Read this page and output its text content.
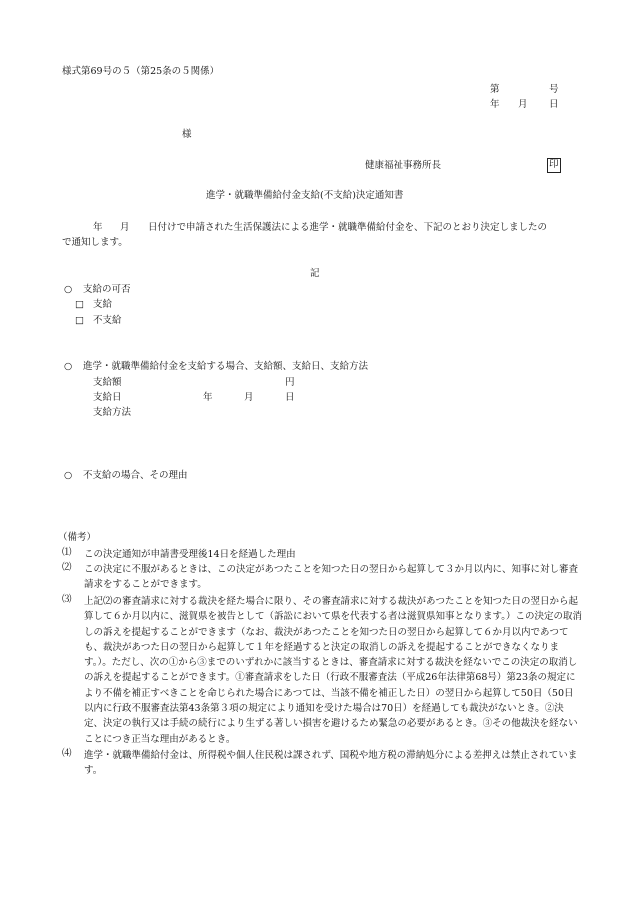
様式第69号の５（第25条の５関係）
第	号
年 月 日
様
健康福祉事務所長	印
進学・就職準備給付金支給(不支給)決定通知書
年 月 日付けで申請された生活保護法による進学・就職準備給付金を、下記のとおり決定しましたの
で通知します。
記
○ 支給の可否
□ 支給
□ 不支給
○ 進学・就職準備給付金を支給する場合、支給額、支給日、支給方法
支給額	円
支給日	年	月	日
支給方法
○ 不支給の場合、その理由
（備考）
⑴ この決定通知が申請書受理後14日を経過した理由
⑵ この決定に不服があるときは、この決定があつたことを知つた日の翌日から起算して３か月以内に、知事に対し審査請求をすることができます。
⑶ 上記⑵の審査請求に対する裁決を経た場合に限り、その審査請求に対する裁決があつたことを知つた日の翌日から起算して６か月以内に、滋賀県を被告として（訴訟において県を代表する者は滋賀県知事となります。）この決定の取消しの訴えを提起することができます（なお、裁決があつたことを知つた日の翌日から起算して６か月以内であつても、裁決があつた日の翌日から起算して１年を経過すると決定の取消しの訴えを提起することができなくなります。）。ただし、次の①から③までのいずれかに該当するときは、審査請求に対する裁決を経ないでこの決定の取消しの訴えを提起することができます。①審査請求をした日（行政不服審査法（平成26年法律第68号）第23条の規定により不備を補正すべきことを命じられた場合にあつては、当該不備を補正した日）の翌日から起算して50日（50日以内に行政不服審査法第43条第３項の規定により通知を受けた場合は70日）を経過しても裁決がないとき。②決定、決定の執行又は手続の続行により生ずる著しい損害を避けるため緊急の必要があるとき。③その他裁決を経ないことにつき正当な理由があるとき。
⑷ 進学・就職準備給付金は、所得税や個人住民税は課されず、国税や地方税の滞納処分による差押えは禁止されています。
